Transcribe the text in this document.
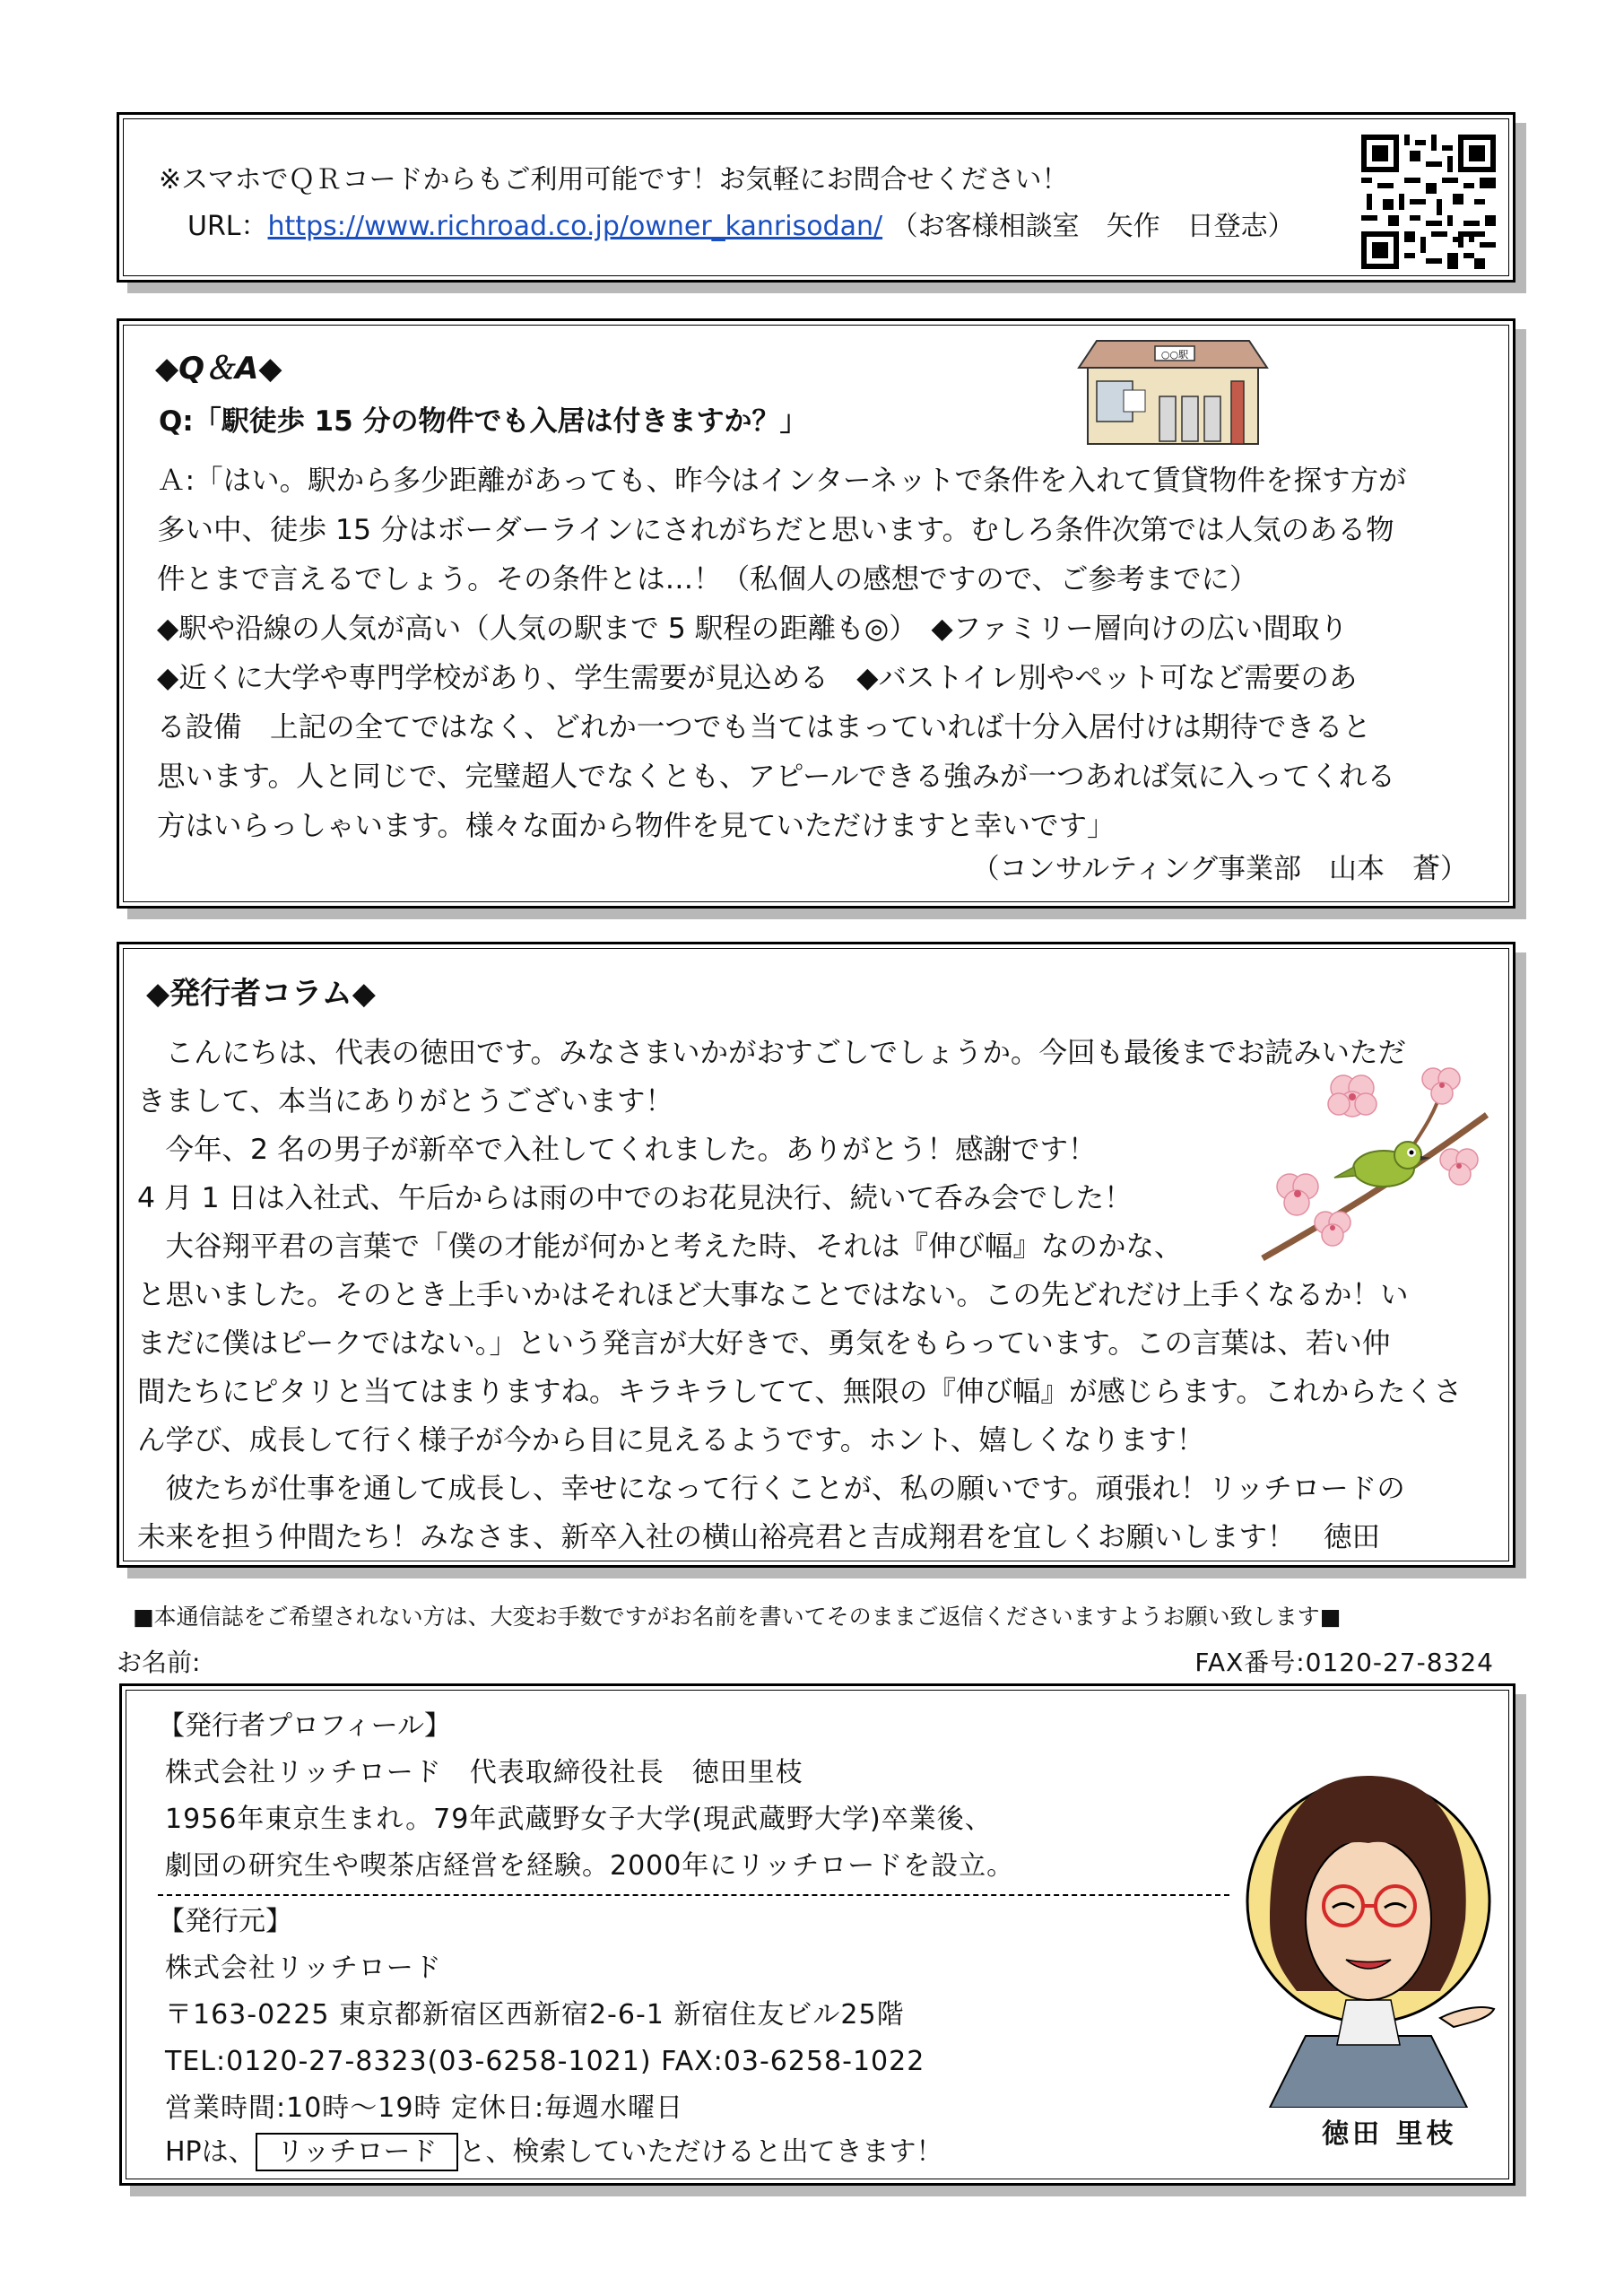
※スマホでＱＲコードからもご利用可能です！お気軽にお問合せください！
URL：https://www.richroad.co.jp/owner_kanrisodan/ （お客様相談室　矢作　日登志）
◆Q＆A◆
Q:「駅徒歩 15 分の物件でも入居は付きますか？」
Ａ:「はい。駅から多少距離があっても、昨今はインターネットで条件を入れて賃貸物件を探す方が
多い中、徒歩 15 分はボーダーラインにされがちだと思います。むしろ条件次第では人気のある物
件とまで言えるでしょう。その条件とは…！（私個人の感想ですので、ご参考までに）
◆駅や沿線の人気が高い（人気の駅まで 5 駅程の距離も◎）　◆ファミリー層向けの広い間取り
◆近くに大学や専門学校があり、学生需要が見込める　◆バストイレ別やペット可など需要のあ
る設備　上記の全てではなく、どれか一つでも当てはまっていれば十分入居付けは期待できると
思います。人と同じで、完璧超人でなくとも、アピールできる強みが一つあれば気に入ってくれる
方はいらっしゃいます。様々な面から物件を見ていただけますと幸いです」
（コンサルティング事業部　山本　蒼）
○○駅
◆発行者コラム◆
　こんにちは、代表の徳田です。みなさまいかがおすごしでしょうか。今回も最後までお読みいただ
きまして、本当にありがとうございます！
　今年、2 名の男子が新卒で入社してくれました。ありがとう！感謝です！
4 月 1 日は入社式、午后からは雨の中でのお花見決行、続いて呑み会でした！
　大谷翔平君の言葉で「僕の才能が何かと考えた時、それは『伸び幅』なのかな、
と思いました。そのとき上手いかはそれほど大事なことではない。この先どれだけ上手くなるか！い
まだに僕はピークではない。」という発言が大好きで、勇気をもらっています。この言葉は、若い仲
間たちにピタリと当てはまりますね。キラキラしてて、無限の『伸び幅』が感じらます。これからたくさ
ん学び、成長して行く様子が今から目に見えるようです。ホント、嬉しくなります！
　彼たちが仕事を通して成長し、幸せになって行くことが、私の願いです。頑張れ！リッチロードの
未来を担う仲間たち！みなさま、新卒入社の横山裕亮君と吉成翔君を宜しくお願いします！　徳田
■本通信誌をご希望されない方は、大変お手数ですがお名前を書いてそのままご返信くださいますようお願い致します■
お名前:	FAX番号:0120-27-8324
【発行者プロフィール】
株式会社リッチロード　代表取締役社長　徳田里枝
1956年東京生まれ。79年武蔵野女子大学(現武蔵野大学)卒業後、
劇団の研究生や喫茶店経営を経験。2000年にリッチロードを設立。
【発行元】
株式会社リッチロード
〒163-0225 東京都新宿区西新宿2-6-1 新宿住友ビル25階
TEL:0120-27-8323(03-6258-1021) FAX:03-6258-1022
営業時間:10時～19時 定休日:毎週水曜日
HPは、 リッチロード と、検索していただけると出てきます！
徳田 里枝
